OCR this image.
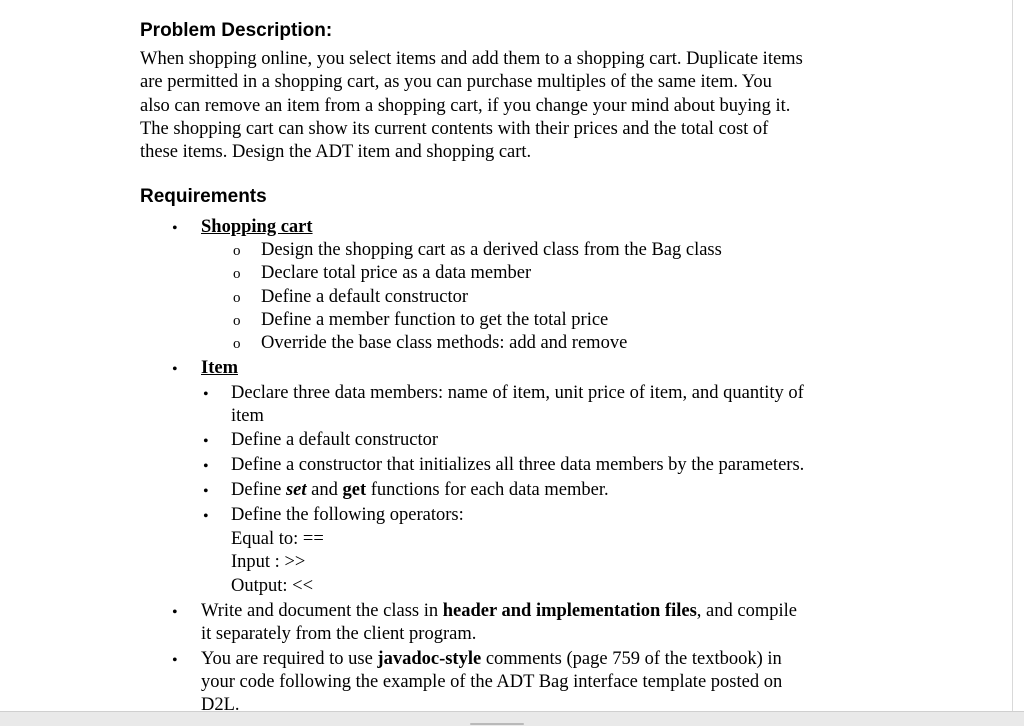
Problem Description:
When shopping online, you select items and add them to a shopping cart. Duplicate items
are permitted in a shopping cart, as you can purchase multiples of the same item. You
also can remove an item from a shopping cart, if you change your mind about buying it.
The shopping cart can show its current contents with their prices and the total cost of
these items. Design the ADT item and shopping cart.
Requirements
• Shopping cart
o Design the shopping cart as a derived class from the Bag class
o Declare total price as a data member
o Define a default constructor
o Define a member function to get the total price
o Override the base class methods: add and remove
• Item
• Declare three data members: name of item, unit price of item, and quantity of
item
• Define a default constructor
• Define a constructor that initializes all three data members by the parameters.
• Define set and get functions for each data member.
• Define the following operators:
Equal to: ==
Input : >>
Output: <<
• Write and document the class in header and implementation files, and compile
it separately from the client program.
• You are required to use javadoc-style comments (page 759 of the textbook) in
your code following the example of the ADT Bag interface template posted on
D2L.
